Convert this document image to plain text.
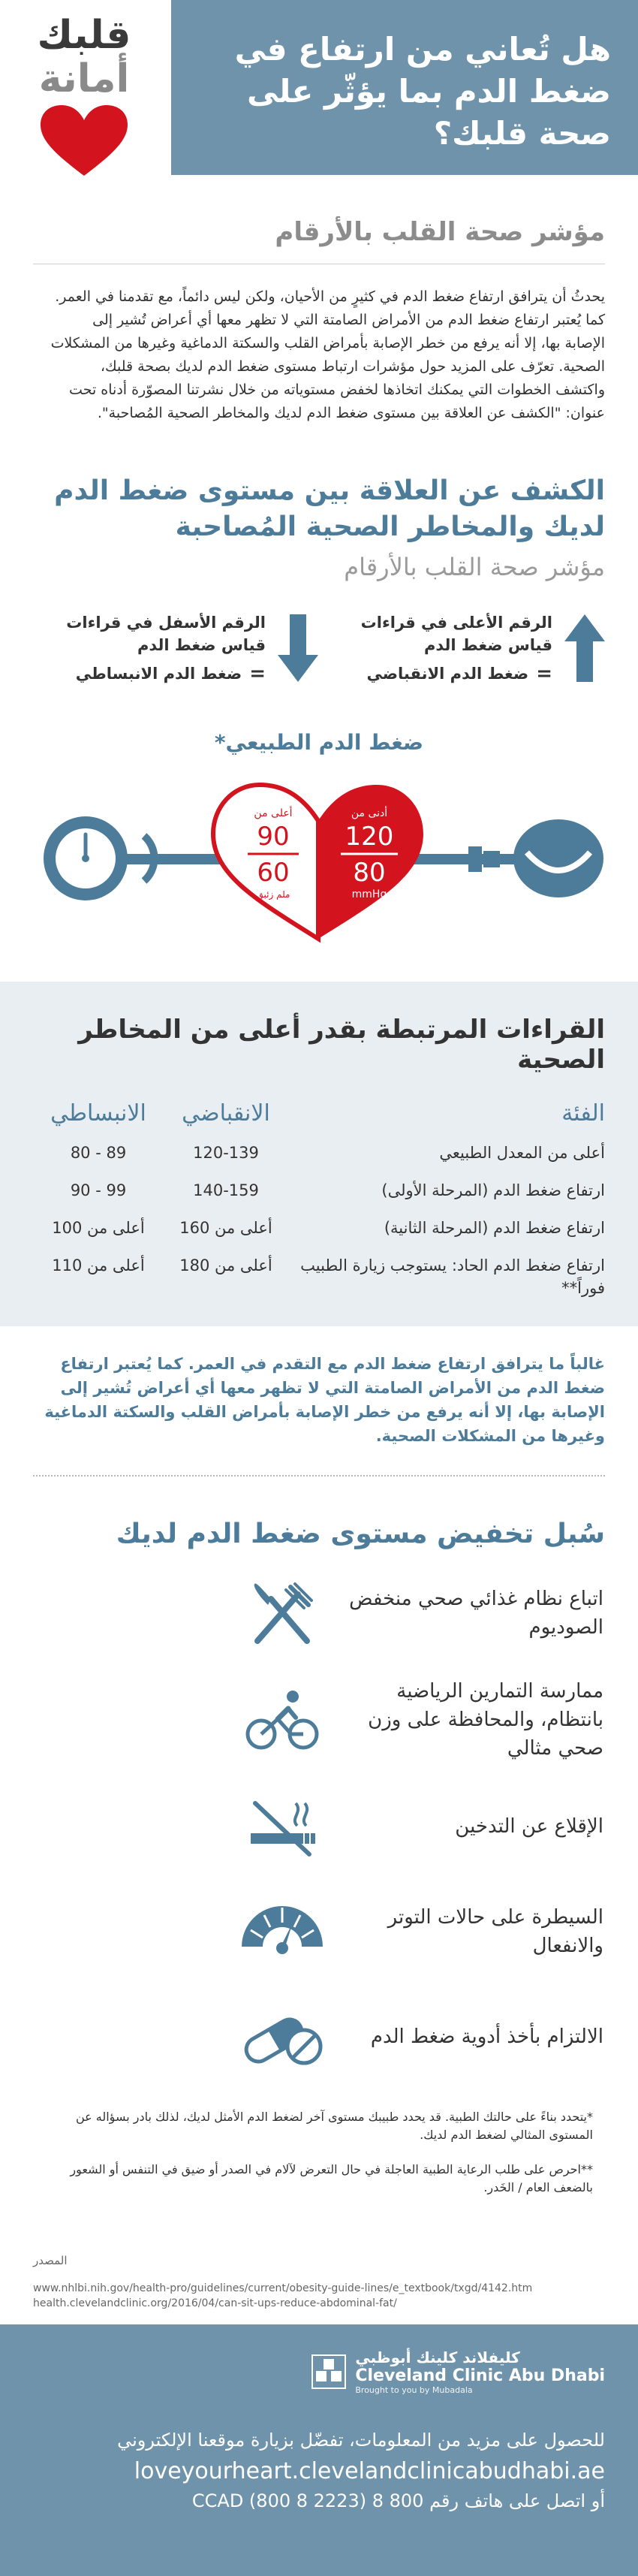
هل تُعاني من ارتفاع في ضغط الدم بما يؤثّر على صحة قلبك؟
قلبك
أمانة
مؤشر صحة القلب بالأرقام
يحدثُ أن يترافق ارتفاع ضغط الدم في كثيرٍ من الأحيان، ولكن ليس دائماً، مع تقدمنا في العمر. كما يُعتبر ارتفاع ضغط الدم من الأمراض الصامتة التي لا تظهر معها أي أعراض تُشير إلى الإصابة بها، إلا أنه يرفع من خطر الإصابة بأمراض القلب والسكتة الدماغية وغيرها من المشكلات الصحية. تعرّف على المزيد حول مؤشرات ارتباط مستوى ضغط الدم لديك بصحة قلبك، واكتشف الخطوات التي يمكنك اتخاذها لخفض مستوياته من خلال نشرتنا المصوّرة أدناه تحت عنوان: "الكشف عن العلاقة بين مستوى ضغط الدم لديك والمخاطر الصحية المُصاحبة".
الكشف عن العلاقة بين مستوى ضغط الدم لديك والمخاطر الصحية المُصاحبة
مؤشر صحة القلب بالأرقام
الرقم الأعلى في قراءات قياس ضغط الدم
=
ضغط الدم الانقباضي
الرقم الأسفل في قراءات قياس ضغط الدم
=
ضغط الدم الانبساطي
ضغط الدم الطبيعي*
أعلى من
90
60
ملم زئبق
أدنى من
120
80
mmHg
القراءات المرتبطة بقدر أعلى من المخاطر الصحية
الفئة
الانقباضي
الانبساطي
أعلى من المعدل الطبيعي
120-139
80 - 89
ارتفاع ضغط الدم (المرحلة الأولى)
140-159
90 - 99
ارتفاع ضغط الدم (المرحلة الثانية)
أعلى من 160
أعلى من 100
ارتفاع ضغط الدم الحاد: يستوجب زيارة الطبيب فوراً**
أعلى من 180
أعلى من 110
غالباً ما يترافق ارتفاع ضغط الدم مع التقدم في العمر. كما يُعتبر ارتفاع ضغط الدم من الأمراض الصامتة التي لا تظهر معها أي أعراض تُشير إلى الإصابة بها، إلا أنه يرفع من خطر الإصابة بأمراض القلب والسكتة الدماغية وغيرها من المشكلات الصحية.
سُبل تخفيض مستوى ضغط الدم لديك
اتباع نظام غذائي صحي منخفض الصوديوم
ممارسة التمارين الرياضية بانتظام، والمحافظة على وزن صحي مثالي
الإقلاع عن التدخين
السيطرة على حالات التوتر والانفعال
الالتزام بأخذ أدوية ضغط الدم

*يتحدد بناءً على حالتك الطبية. قد يحدد طبيبك مستوى آخر لضغط الدم الأمثل لديك، لذلك بادر بسؤاله عن المستوى المثالي لضغط الدم لديك.

**احرص على طلب الرعاية الطبية العاجلة في حال التعرض لآلام في الصدر أو ضيق في التنفس أو الشعور بالضعف العام / الخَدر.

المصدر
www.nhlbi.nih.gov/health-pro/guidelines/current/obesity-guide-lines/e_textbook/txgd/4142.htm
health.clevelandclinic.org/2016/04/can-sit-ups-reduce-abdominal-fat/
كليفلاند كلينك أبوظبي
Cleveland Clinic Abu Dhabi
Brought to you by Mubadala
للحصول على مزيد من المعلومات، تفضّل بزيارة موقعنا الإلكتروني
loveyourheart.clevelandclinicabudhabi.ae
أو اتصل على هاتف رقم 800 8 CCAD (800 8 2223)
